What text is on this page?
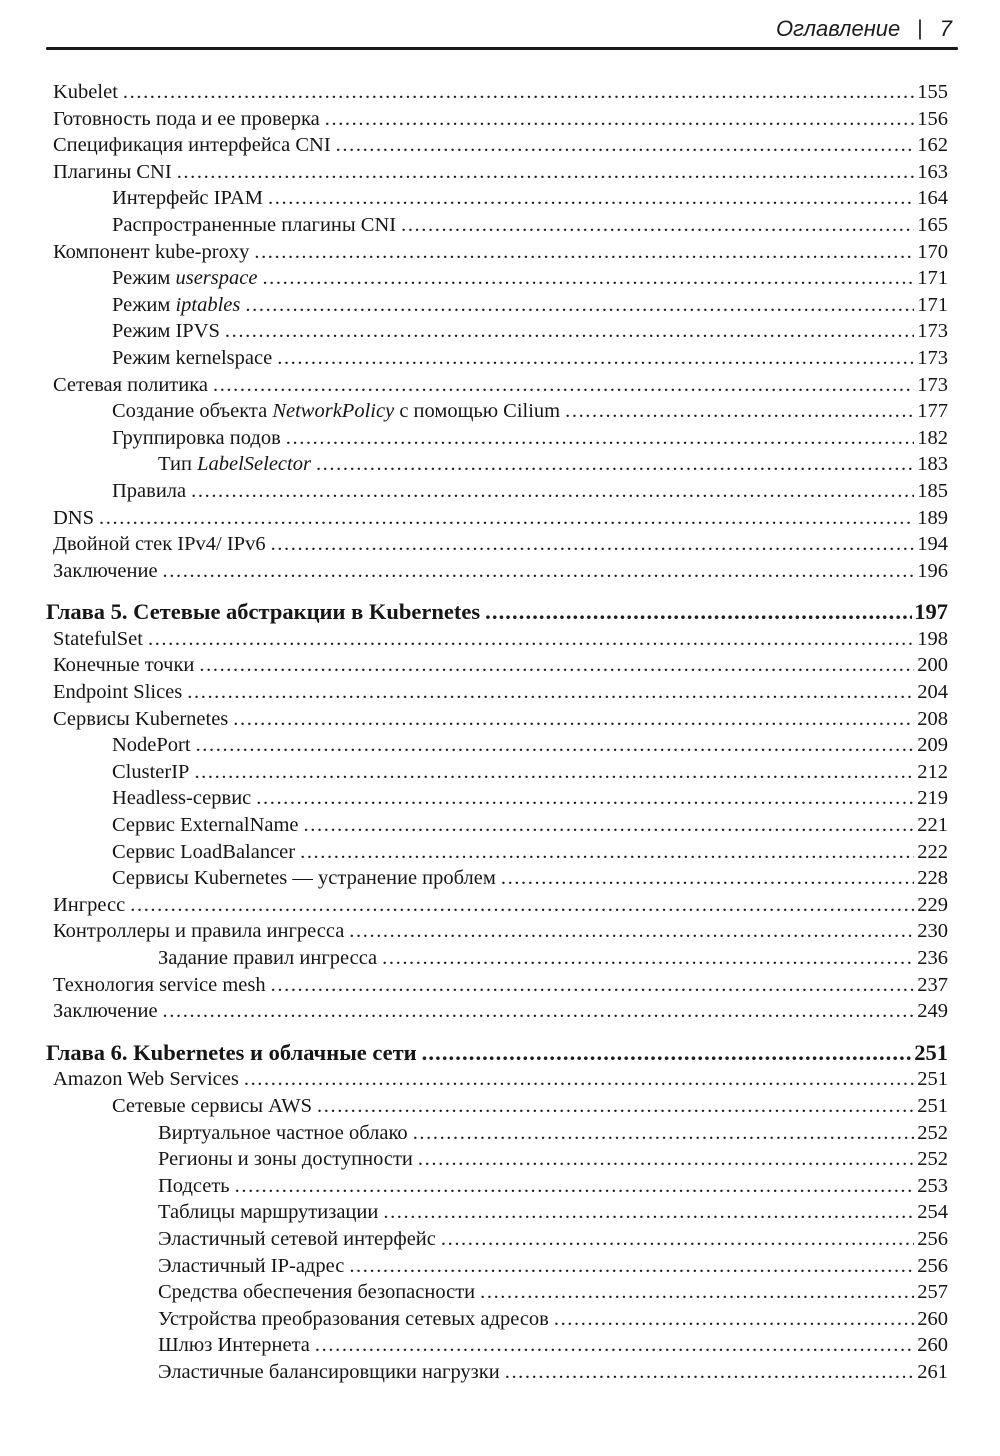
Оглавление | 7
Kubelet .....	155
Готовность пода и ее проверка .....	156
Спецификация интерфейса CNI .....	162
Плагины CNI .....	163
Интерфейс IPAM .....	164
Распространенные плагины CNI .....	165
Компонент kube-proxy .....	170
Режим userspace .....	171
Режим iptables .....	171
Режим IPVS .....	173
Режим kernelspace .....	173
Сетевая политика .....	173
Создание объекта NetworkPolicy с помощью Cilium .....	177
Группировка подов .....	182
Тип LabelSelector .....	183
Правила .....	185
DNS .....	189
Двойной стек IPv4/ IPv6 .....	194
Заключение .....	196
Глава 5. Сетевые абстракции в Kubernetes .....	197
StatefulSet .....	198
Конечные точки .....	200
Endpoint Slices .....	204
Сервисы Kubernetes .....	208
NodePort .....	209
ClusterIP .....	212
Headless-сервис .....	219
Сервис ExternalName .....	221
Сервис LoadBalancer .....	222
Сервисы Kubernetes — устранение проблем .....	228
Ингресс .....	229
Контроллеры и правила ингресса .....	230
Задание правил ингресса .....	236
Технология service mesh .....	237
Заключение .....	249
Глава 6. Kubernetes и облачные сети .....	251
Amazon Web Services .....	251
Сетевые сервисы AWS .....	251
Виртуальное частное облако .....	252
Регионы и зоны доступности .....	252
Подсеть .....	253
Таблицы маршрутизации .....	254
Эластичный сетевой интерфейс .....	256
Эластичный IP-адрес .....	256
Средства обеспечения безопасности .....	257
Устройства преобразования сетевых адресов .....	260
Шлюз Интернета .....	260
Эластичные балансировщики нагрузки .....	261
